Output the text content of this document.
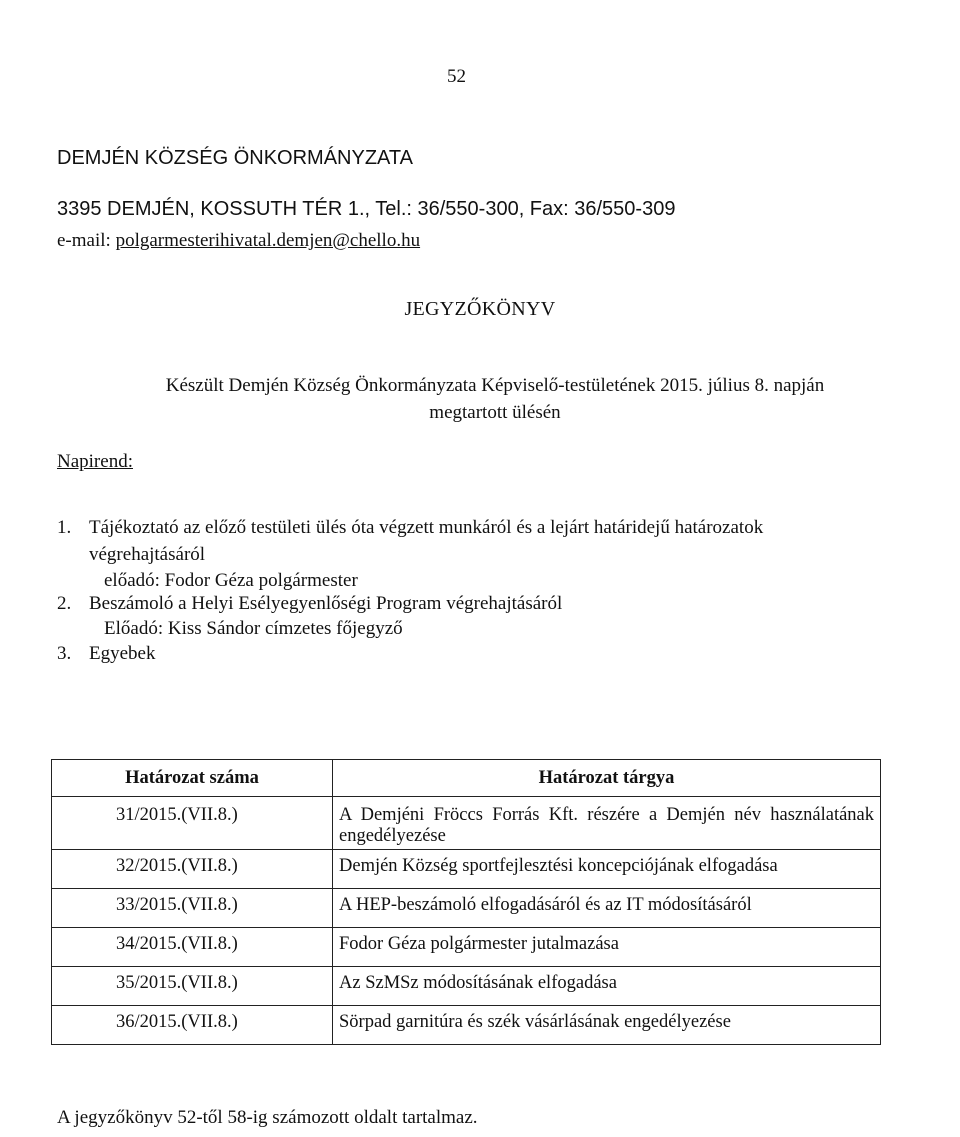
52
DEMJÉN KÖZSÉG ÖNKORMÁNYZATA
3395 DEMJÉN, KOSSUTH TÉR 1., Tel.: 36/550-300, Fax: 36/550-309
e-mail: polgarmesterihivatal.demjen@chello.hu
JEGYZŐKÖNYV
Készült Demjén Község Önkormányzata Képviselő-testületének 2015. július 8. napján
megtartott ülésén
Napirend:
1. Tájékoztató az előző testületi ülés óta végzett munkáról és a lejárt határidejű határozatok
végrehajtásáról
előadó: Fodor Géza polgármester
2. Beszámoló a Helyi Esélyegyenlőségi Program végrehajtásáról
Előadó: Kiss Sándor címzetes főjegyző
3. Egyebek
Határozat száma	Határozat tárgya
31/2015.(VII.8.)	A Demjéni Fröccs Forrás Kft. részére a Demjén név használatának engedélyezése
32/2015.(VII.8.)	Demjén Község sportfejlesztési koncepciójának elfogadása
33/2015.(VII.8.)	A HEP-beszámoló elfogadásáról és az IT módosításáról
34/2015.(VII.8.)	Fodor Géza polgármester jutalmazása
35/2015.(VII.8.)	Az SzMSz módosításának elfogadása
36/2015.(VII.8.)	Sörpad garnitúra és szék vásárlásának engedélyezése
A jegyzőkönyv 52-től 58-ig számozott oldalt tartalmaz.
